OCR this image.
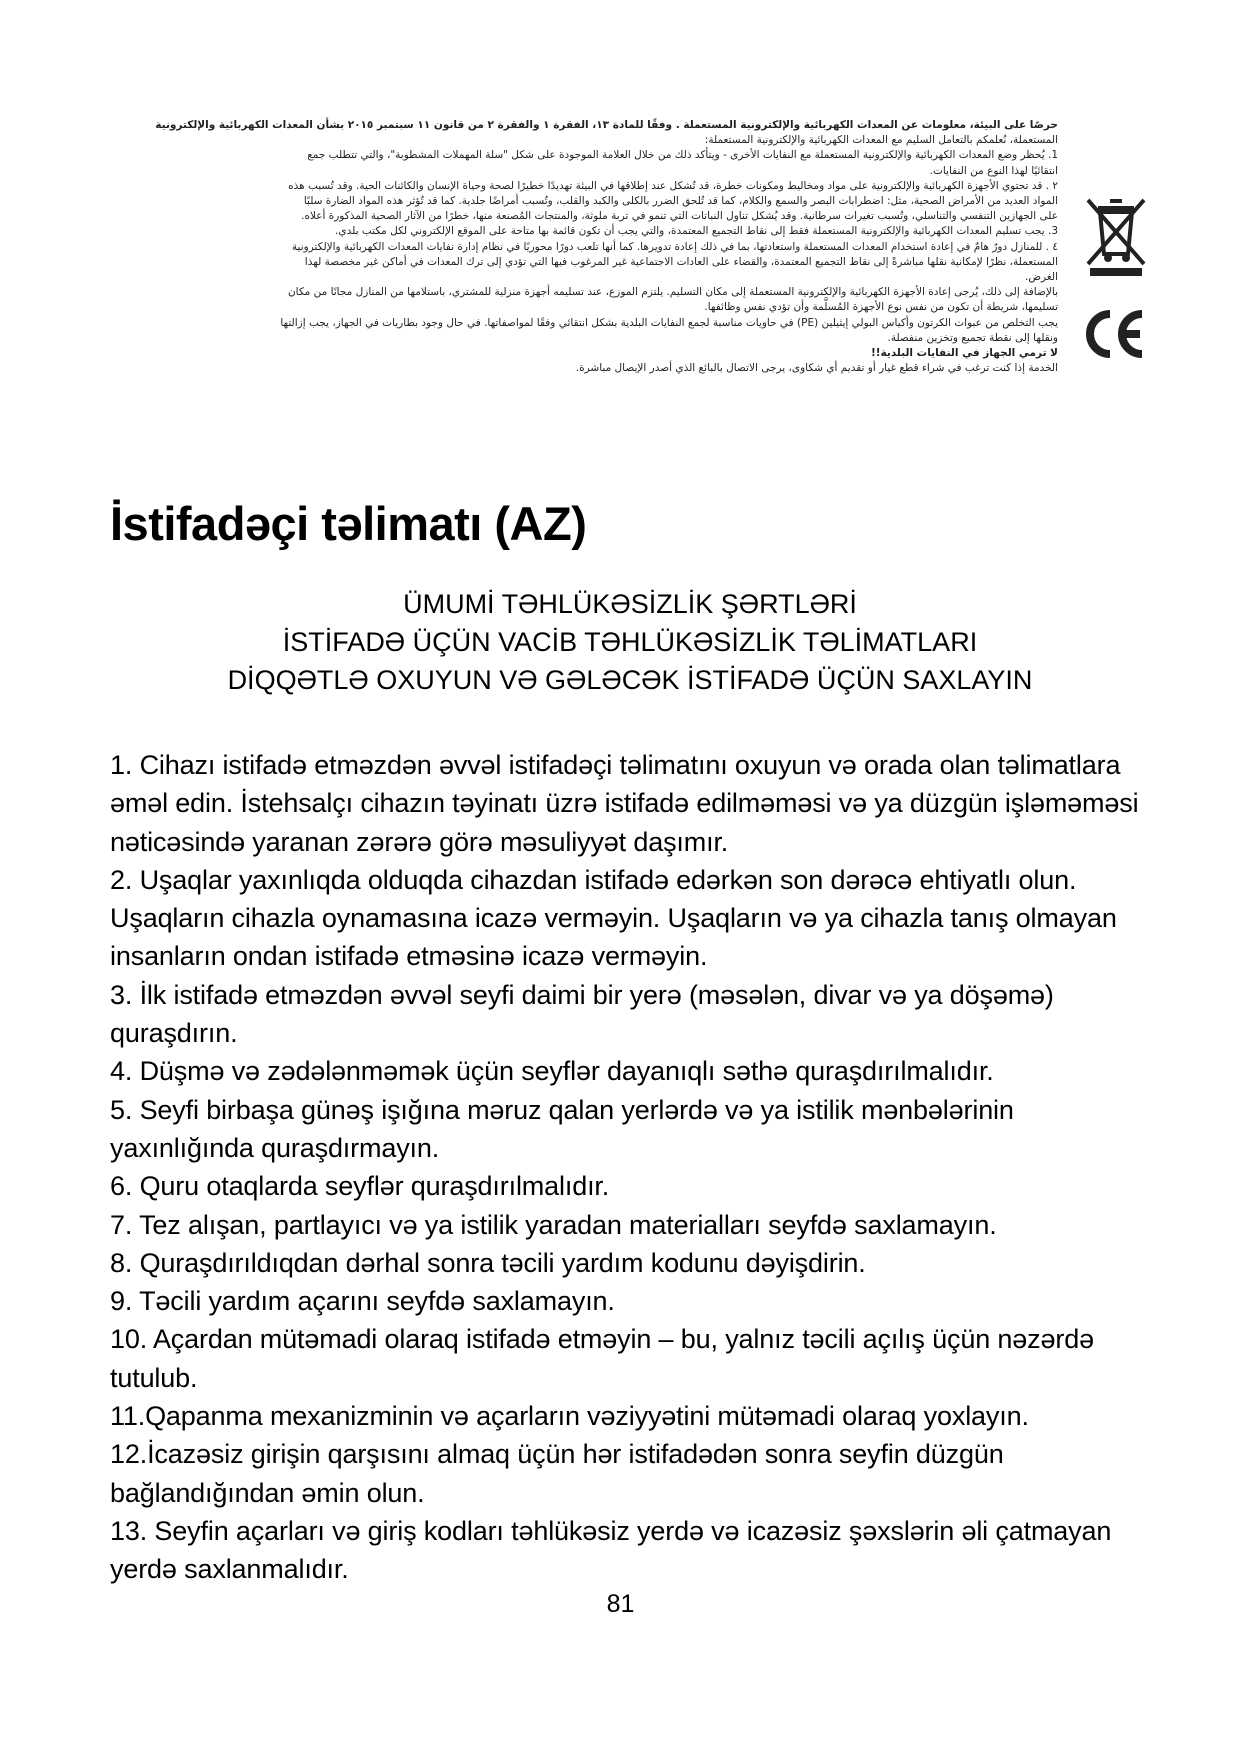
حرصًا على البيئة، معلومات عن المعدات الكهربائية والإلكترونية المستعملة . وفقًا للمادة ١٣، الفقرة ١ والفقرة ٢ من قانون ١١ سبتمبر ٢٠١٥ بشأن المعدات الكهربائية والإلكترونية

المستعملة، نُعلمكم بالتعامل السليم مع المعدات الكهربائية والإلكترونية المستعملة:

1. يُحظر وضع المعدات الكهربائية والإلكترونية المستعملة مع النفايات الأخرى - ويتأكد ذلك من خلال العلامة الموجودة على شكل "سلة المهملات المشطوبة"، والتي تتطلب جمع

انتقائيًا لهذا النوع من النفايات.

٢ . قد تحتوي الأجهزة الكهربائية والإلكترونية على مواد ومخاليط ومكونات خطرة، قد تُشكل عند إطلاقها في البيئة تهديدًا خطيرًا لصحة وحياة الإنسان والكائنات الحية. وقد تُسبب هذه

المواد العديد من الأمراض الصحية، مثل: اضطرابات البصر والسمع والكلام، كما قد تُلحق الضرر بالكلى والكبد والقلب، وتُسبب أمراضًا جلدية. كما قد تُؤثر هذه المواد الضارة سلبًا

على الجهازين التنفسي والتناسلي، وتُسبب تغيرات سرطانية. وقد يُشكل تناول النباتات التي تنمو في تربة ملوثة، والمنتجات المُصنعة منها، خطرًا من الآثار الصحية المذكورة أعلاه.

3. يجب تسليم المعدات الكهربائية والإلكترونية المستعملة فقط إلى نقاط التجميع المعتمدة، والتي يجب أن تكون قائمة بها متاحة على الموقع الإلكتروني لكل مكتب بلدي.

٤ . للمنازل دورٌ هامٌ في إعادة استخدام المعدات المستعملة واستعادتها، بما في ذلك إعادة تدويرها. كما أنها تلعب دورًا محوريًا في نظام إدارة نفايات المعدات الكهربائية والإلكترونية

المستعملة، نظرًا لإمكانية نقلها مباشرةً إلى نقاط التجميع المعتمدة، والقضاء على العادات الاجتماعية غير المرغوب فيها التي تؤدي إلى ترك المعدات في أماكن غير مخصصة لهذا

الغرض.

بالإضافة إلى ذلك، يُرجى إعادة الأجهزة الكهربائية والإلكترونية المستعملة إلى مكان التسليم. يلتزم الموزع، عند تسليمه أجهزة منزلية للمشتري، باستلامها من المنازل مجانًا من مكان

تسليمها، شريطة أن تكون من نفس نوع الأجهزة المُسلَّمة وأن تؤدي نفس وظائفها.

يجب التخلص من عبوات الكرتون وأكياس البولي إيثيلين (PE) في حاويات مناسبة لجمع النفايات البلدية بشكل انتقائي وفقًا لمواصفاتها. في حال وجود بطاريات في الجهاز، يجب إزالتها

ونقلها إلى نقطة تجميع وتخزين منفصلة.

لا ترمي الجهاز في النفايات البلدية!!

الخدمة إذا كنت ترغب في شراء قطع غيار أو تقديم أي شكاوى، يرجى الاتصال بالبائع الذي أصدر الإيصال مباشرة.

İstifadəçi təlimatı (AZ)
ÜMUMİ TƏHLÜKƏSİZLİK ŞƏRTLƏRİ
İSTİFADƏ ÜÇÜN VACİB TƏHLÜKƏSİZLİK TƏLİMATLARI
DİQQƏTLƏ OXUYUN VƏ GƏLƏCƏK İSTİFADƏ ÜÇÜN SAXLAYIN

1. Cihazı istifadə etməzdən əvvəl istifadəçi təlimatını oxuyun və orada olan təlimatlara əməl edin. İstehsalçı cihazın təyinatı üzrə istifadə edilməməsi və ya düzgün işləməməsi nəticəsində yaranan zərərə görə məsuliyyət daşımır.

2. Uşaqlar yaxınlıqda olduqda cihazdan istifadə edərkən son dərəcə ehtiyatlı olun. Uşaqların cihazla oynamasına icazə verməyin. Uşaqların və ya cihazla tanış olmayan insanların ondan istifadə etməsinə icazə verməyin.

3. İlk istifadə etməzdən əvvəl seyfi daimi bir yerə (məsələn, divar və ya döşəmə) quraşdırın.

4. Düşmə və zədələnməmək üçün seyflər dayanıqlı səthə quraşdırılmalıdır.

5. Seyfi birbaşa günəş işığına məruz qalan yerlərdə və ya istilik mənbələrinin yaxınlığında quraşdırmayın.

6. Quru otaqlarda seyflər quraşdırılmalıdır.

7. Tez alışan, partlayıcı və ya istilik yaradan materialları seyfdə saxlamayın.

8. Quraşdırıldıqdan dərhal sonra təcili yardım kodunu dəyişdirin.

9. Təcili yardım açarını seyfdə saxlamayın.

10. Açardan mütəmadi olaraq istifadə etməyin – bu, yalnız təcili açılış üçün nəzərdə tutulub.

11.Qapanma mexanizminin və açarların vəziyyətini mütəmadi olaraq yoxlayın.

12.İcazəsiz girişin qarşısını almaq üçün hər istifadədən sonra seyfin düzgün bağlandığından əmin olun.

13. Seyfin açarları və giriş kodları təhlükəsiz yerdə və icazəsiz şəxslərin əli çatmayan yerdə saxlanmalıdır.

81
